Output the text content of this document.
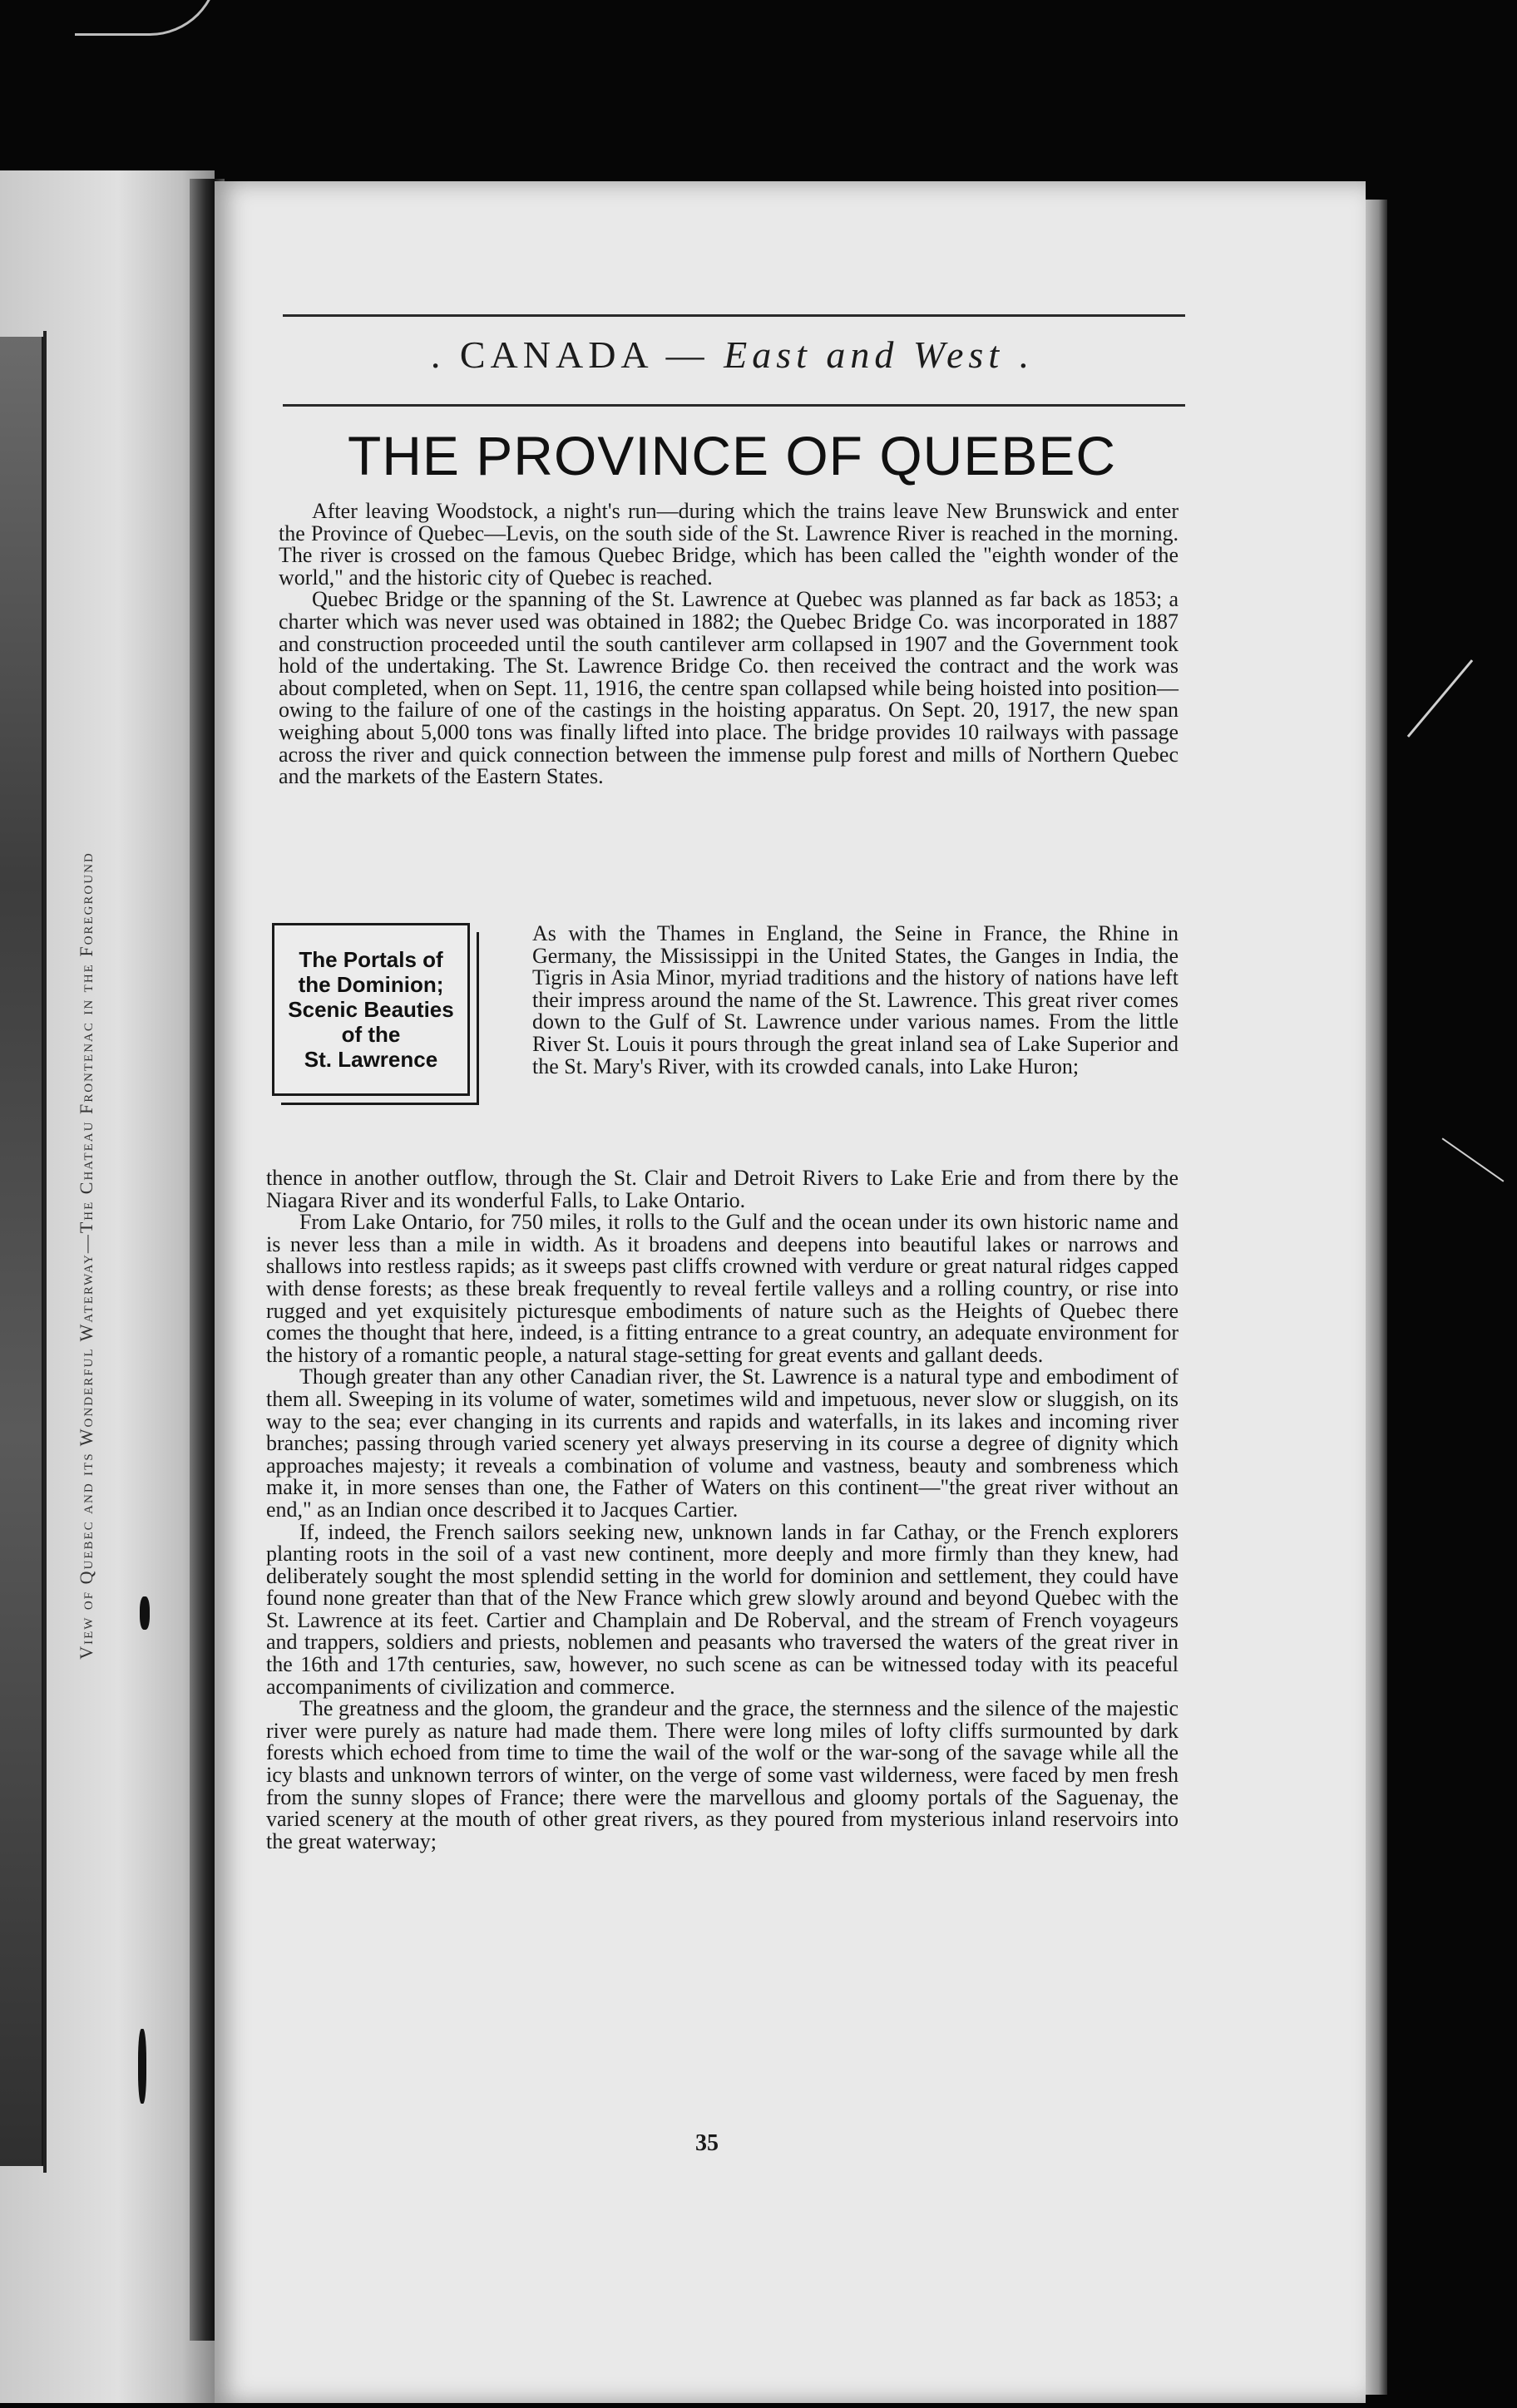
View of Quebec and its Wonderful Waterway—The Chateau Frontenac in the Foreground
. CANADA — East and West .
THE PROVINCE OF QUEBEC

After leaving Woodstock, a night's run—during which the trains leave New Brunswick and enter the Province of Quebec—Levis, on the south side of the St. Lawrence River is reached in the morning. The river is crossed on the famous Quebec Bridge, which has been called the "eighth wonder of the world," and the historic city of Quebec is reached.

Quebec Bridge or the spanning of the St. Lawrence at Quebec was planned as far back as 1853; a charter which was never used was obtained in 1882; the Quebec Bridge Co. was incorporated in 1887 and construction proceeded until the south cantilever arm collapsed in 1907 and the Government took hold of the undertaking. The St. Lawrence Bridge Co. then received the contract and the work was about completed, when on Sept. 11, 1916, the centre span collapsed while being hoisted into position—owing to the failure of one of the castings in the hoisting apparatus. On Sept. 20, 1917, the new span weighing about 5,000 tons was finally lifted into place. The bridge provides 10 railways with passage across the river and quick connection between the immense pulp forest and mills of Northern Quebec and the markets of the Eastern States.

The Portals of
the Dominion;
Scenic Beauties
of the
St. Lawrence

As with the Thames in England, the Seine in France, the Rhine in Germany, the Mississippi in the United States, the Ganges in India, the Tigris in Asia Minor, myriad traditions and the history of nations have left their impress around the name of the St. Lawrence. This great river comes down to the Gulf of St. Lawrence under various names. From the little River St. Louis it pours through the great inland sea of Lake Superior and the St. Mary's River, with its crowded canals, into Lake Huron;

thence in another outflow, through the St. Clair and Detroit Rivers to Lake Erie and from there by the Niagara River and its wonderful Falls, to Lake Ontario.

From Lake Ontario, for 750 miles, it rolls to the Gulf and the ocean under its own historic name and is never less than a mile in width. As it broadens and deepens into beautiful lakes or narrows and shallows into restless rapids; as it sweeps past cliffs crowned with verdure or great natural ridges capped with dense forests; as these break frequently to reveal fertile valleys and a rolling country, or rise into rugged and yet exquisitely picturesque embodiments of nature such as the Heights of Quebec there comes the thought that here, indeed, is a fitting entrance to a great country, an adequate environment for the history of a romantic people, a natural stage-setting for great events and gallant deeds.

Though greater than any other Canadian river, the St. Lawrence is a natural type and embodiment of them all. Sweeping in its volume of water, sometimes wild and impetuous, never slow or sluggish, on its way to the sea; ever changing in its currents and rapids and waterfalls, in its lakes and incoming river branches; passing through varied scenery yet always preserving in its course a degree of dignity which approaches majesty; it reveals a combination of volume and vastness, beauty and sombreness which make it, in more senses than one, the Father of Waters on this continent—"the great river without an end," as an Indian once described it to Jacques Cartier.

If, indeed, the French sailors seeking new, unknown lands in far Cathay, or the French explorers planting roots in the soil of a vast new continent, more deeply and more firmly than they knew, had deliberately sought the most splendid setting in the world for dominion and settlement, they could have found none greater than that of the New France which grew slowly around and beyond Quebec with the St. Lawrence at its feet. Cartier and Champlain and De Roberval, and the stream of French voyageurs and trappers, soldiers and priests, noblemen and peasants who traversed the waters of the great river in the 16th and 17th centuries, saw, however, no such scene as can be witnessed today with its peaceful accompaniments of civilization and commerce.

The greatness and the gloom, the grandeur and the grace, the sternness and the silence of the majestic river were purely as nature had made them. There were long miles of lofty cliffs surmounted by dark forests which echoed from time to time the wail of the wolf or the war-song of the savage while all the icy blasts and unknown terrors of winter, on the verge of some vast wilderness, were faced by men fresh from the sunny slopes of France; there were the marvellous and gloomy portals of the Saguenay, the varied scenery at the mouth of other great rivers, as they poured from mysterious inland reservoirs into the great waterway;

35
